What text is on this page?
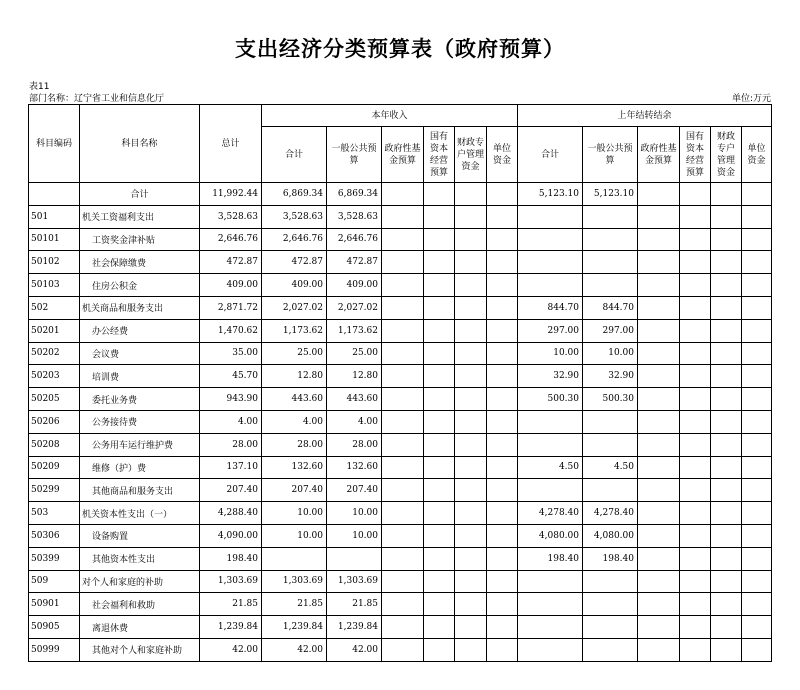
支出经济分类预算表（政府预算）
表11
部门名称：辽宁省工业和信息化厅	单位:万元
科目编码	科目名称	总计	本年收入						上年结转结余					
			合计	一般公共预算	政府性基金预算	国有资本经营预算	财政专户管理资金	单位资金	合计	一般公共预算	政府性基金预算	国有资本经营预算	财政专户管理资金	单位资金
	合计	11,992.44	6,869.34	6,869.34					5,123.10	5,123.10				
501	机关工资福利支出	3,528.63	3,528.63	3,528.63										
50101	工资奖金津补贴	2,646.76	2,646.76	2,646.76										
50102	社会保障缴费	472.87	472.87	472.87										
50103	住房公积金	409.00	409.00	409.00										
502	机关商品和服务支出	2,871.72	2,027.02	2,027.02					844.70	844.70				
50201	办公经费	1,470.62	1,173.62	1,173.62					297.00	297.00				
50202	会议费	35.00	25.00	25.00					10.00	10.00				
50203	培训费	45.70	12.80	12.80					32.90	32.90				
50205	委托业务费	943.90	443.60	443.60					500.30	500.30				
50206	公务接待费	4.00	4.00	4.00										
50208	公务用车运行维护费	28.00	28.00	28.00										
50209	维修（护）费	137.10	132.60	132.60					4.50	4.50				
50299	其他商品和服务支出	207.40	207.40	207.40										
503	机关资本性支出（一）	4,288.40	10.00	10.00					4,278.40	4,278.40				
50306	设备购置	4,090.00	10.00	10.00					4,080.00	4,080.00				
50399	其他资本性支出	198.40							198.40	198.40				
509	对个人和家庭的补助	1,303.69	1,303.69	1,303.69										
50901	社会福利和救助	21.85	21.85	21.85										
50905	离退休费	1,239.84	1,239.84	1,239.84										
50999	其他对个人和家庭补助	42.00	42.00	42.00										
